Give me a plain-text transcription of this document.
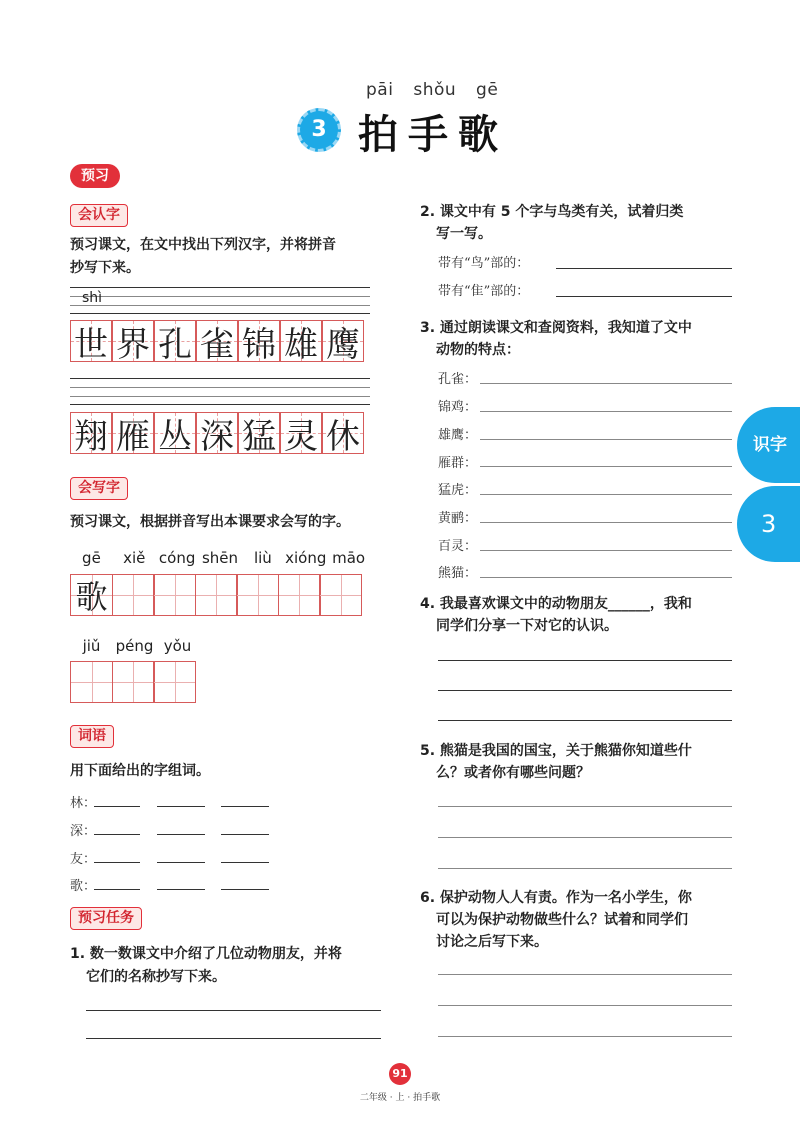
pāi shǒu gē
3 拍手歌
预习
会认字
预习课文，在文中找出下列汉字，并将拼音
抄写下来。
shì
世 界 孔 雀 锦 雄 鹰
翔 雁 丛 深 猛 灵 休
会写字
预习课文，根据拼音写出本课要求会写的字。
gē	xiě cóng shēn	liù xióng māo
歌
jiǔ	péng yǒu
词语
用下面给出的字组词。
林：
深：
友：
歌：
预习任务
1. 数一数课文中介绍了几位动物朋友，并将
它们的名称抄写下来。
2. 课文中有 5 个字与鸟类有关，试着归类
写一写。
带有“鸟”部的：
带有“隹”部的：
3. 通过朗读课文和查阅资料，我知道了文中
动物的特点：
孔雀：
锦鸡：
雄鹰：
雁群：
猛虎：
黄鹂：
百灵：
熊猫：
4. 我最喜欢课文中的动物朋友______，我和
同学们分享一下对它的认识。
5. 熊猫是我国的国宝，关于熊猫你知道些什
么？或者你有哪些问题？
6. 保护动物人人有责。作为一名小学生，你
可以为保护动物做些什么？试着和同学们
讨论之后写下来。
识字
3
91
二年级 · 上 · 拍手歌
